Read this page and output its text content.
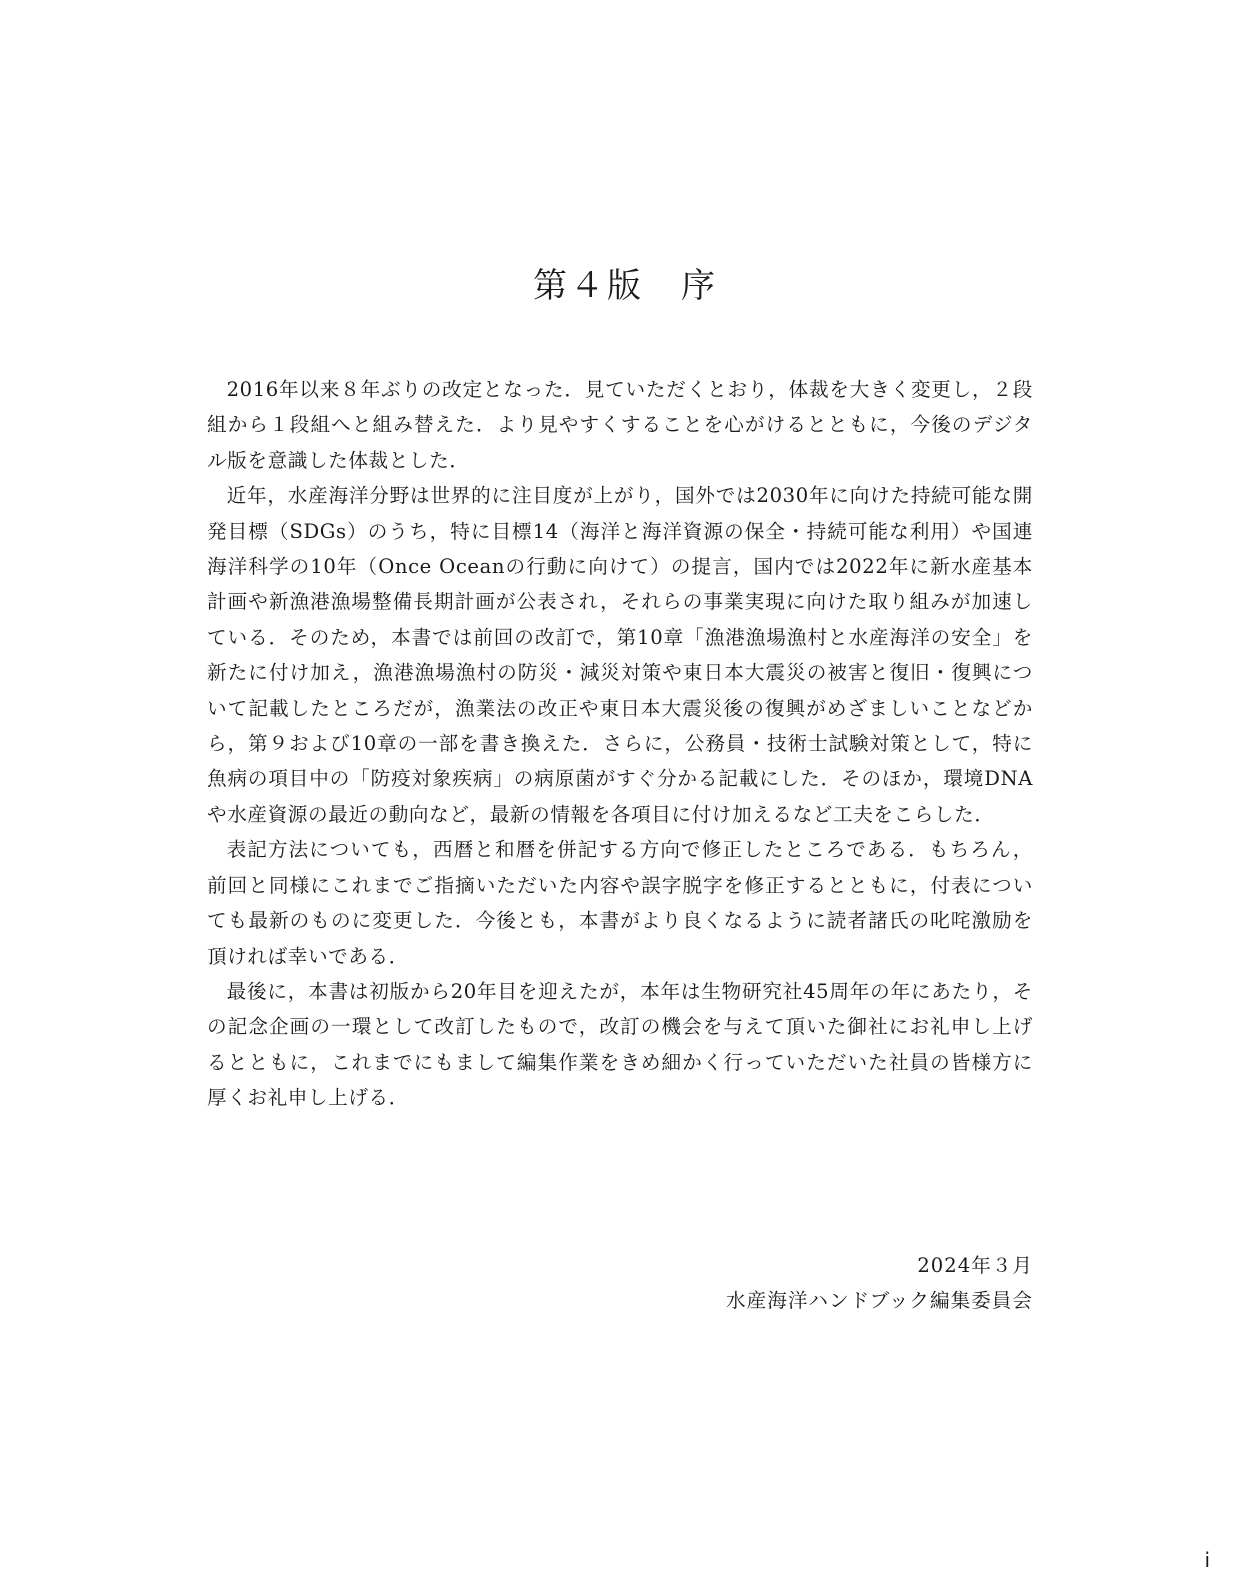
第４版　序

2016年以来８年ぶりの改定となった．見ていただくとおり，体裁を大きく変更し，２段組から１段組へと組み替えた．より見やすくすることを心がけるとともに，今後のデジタル版を意識した体裁とした．

近年，水産海洋分野は世界的に注目度が上がり，国外では2030年に向けた持続可能な開発目標（SDGs）のうち，特に目標14（海洋と海洋資源の保全・持続可能な利用）や国連海洋科学の10年（Once Oceanの行動に向けて）の提言，国内では2022年に新水産基本計画や新漁港漁場整備長期計画が公表され，それらの事業実現に向けた取り組みが加速している．そのため，本書では前回の改訂で，第10章「漁港漁場漁村と水産海洋の安全」を新たに付け加え，漁港漁場漁村の防災・減災対策や東日本大震災の被害と復旧・復興について記載したところだが，漁業法の改正や東日本大震災後の復興がめざましいことなどから，第９および10章の一部を書き換えた．さらに，公務員・技術士試験対策として，特に魚病の項目中の「防疫対象疾病」の病原菌がすぐ分かる記載にした．そのほか，環境DNAや水産資源の最近の動向など，最新の情報を各項目に付け加えるなど工夫をこらした．

表記方法についても，西暦と和暦を併記する方向で修正したところである．もちろん，前回と同様にこれまでご指摘いただいた内容や誤字脱字を修正するとともに，付表についても最新のものに変更した．今後とも，本書がより良くなるように読者諸氏の叱咤激励を頂ければ幸いである．

最後に，本書は初版から20年目を迎えたが，本年は生物研究社45周年の年にあたり，その記念企画の一環として改訂したもので，改訂の機会を与えて頂いた御社にお礼申し上げるとともに，これまでにもまして編集作業をきめ細かく行っていただいた社員の皆様方に厚くお礼申し上げる．

2024年３月
水産海洋ハンドブック編集委員会
i
